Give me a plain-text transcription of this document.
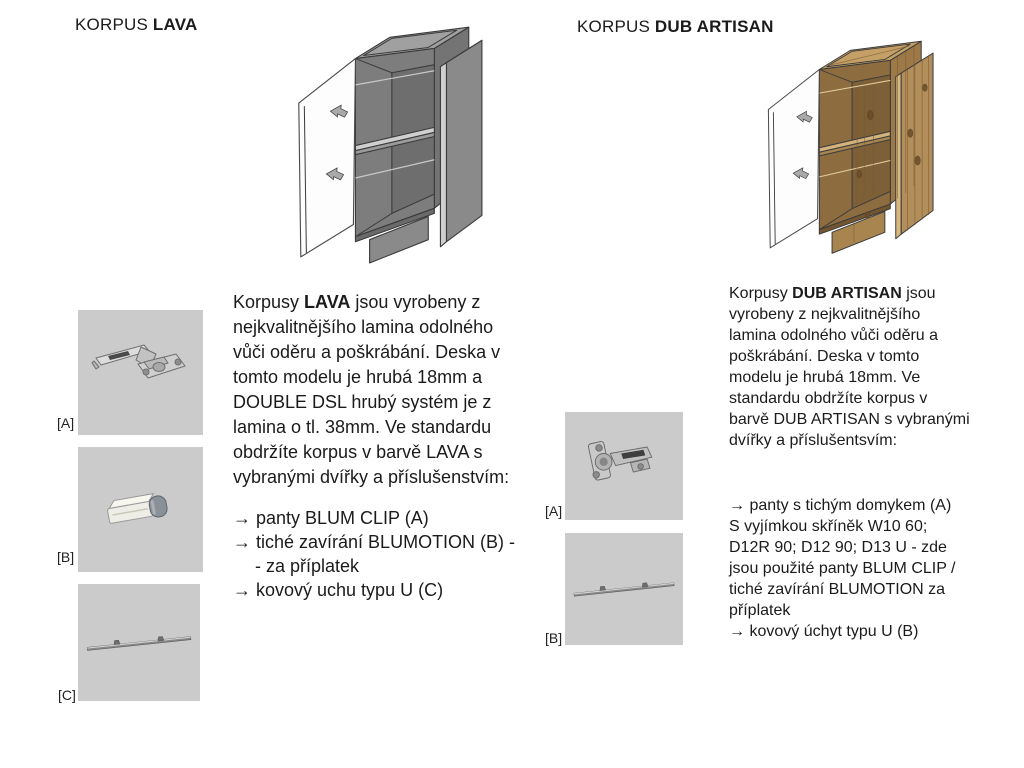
KORPUS LAVA
[A]
[B]
[C]
Korpusy LAVA jsou vyrobeny z
nejkvalitnějšího lamina odolného
vůči oděru a poškrábání. Deska v
tomto modelu je hrubá 18mm a
DOUBLE DSL hrubý systém je z
lamina o tl. 38mm. Ve standardu
obdržíte korpus v barvě LAVA s
vybranými dvířky a příslušenstvím:
→ panty BLUM CLIP (A)
→ tiché zavírání BLUMOTION (B) -
- za příplatek
→ kovový uchu typu U (C)
KORPUS DUB ARTISAN
[A]
[B]
Korpusy DUB ARTISAN jsou
vyrobeny z nejkvalitnějšího
lamina odolného vůči oděru a
poškrábání. Deska v tomto
modelu je hrubá 18mm. Ve
standardu obdržíte korpus v
barvě DUB ARTISAN s vybranými
dvířky a příslušentsvím:
→ panty s tichým domykem (A)
S vyjímkou skříněk W10 60;
D12R 90; D12 90; D13 U - zde
jsou použité panty BLUM CLIP /
tiché zavírání BLUMOTION za
příplatek
→ kovový úchyt typu U (B)
